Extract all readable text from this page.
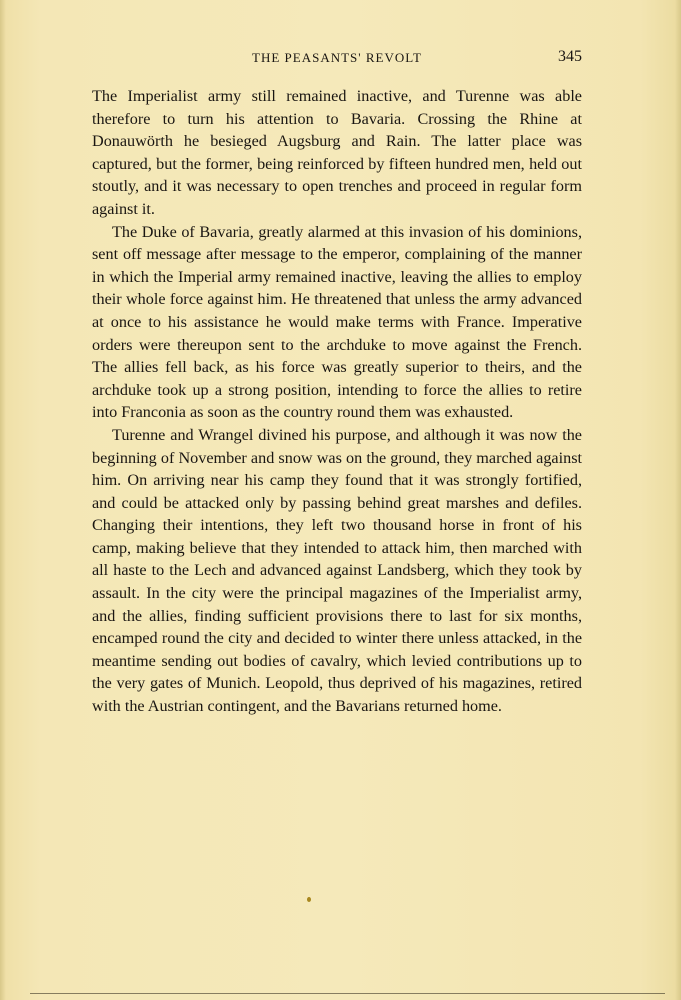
THE PEASANTS' REVOLT	345

The Imperialist army still remained inactive, and Turenne was able therefore to turn his attention to Bavaria. Crossing the Rhine at Donauwörth he besieged Augsburg and Rain. The latter place was captured, but the former, being reinforced by fifteen hundred men, held out stoutly, and it was necessary to open trenches and proceed in regular form against it.

The Duke of Bavaria, greatly alarmed at this invasion of his dominions, sent off message after message to the emperor, complaining of the manner in which the Imperial army remained inactive, leaving the allies to employ their whole force against him. He threatened that unless the army advanced at once to his assistance he would make terms with France. Imperative orders were thereupon sent to the archduke to move against the French. The allies fell back, as his force was greatly superior to theirs, and the archduke took up a strong position, intending to force the allies to retire into Franconia as soon as the country round them was exhausted.

Turenne and Wrangel divined his purpose, and although it was now the beginning of November and snow was on the ground, they marched against him. On arriving near his camp they found that it was strongly fortified, and could be attacked only by passing behind great marshes and defiles. Changing their intentions, they left two thousand horse in front of his camp, making believe that they intended to attack him, then marched with all haste to the Lech and advanced against Landsberg, which they took by assault. In the city were the principal magazines of the Imperialist army, and the allies, finding sufficient provisions there to last for six months, encamped round the city and decided to winter there unless attacked, in the meantime sending out bodies of cavalry, which levied contributions up to the very gates of Munich. Leopold, thus deprived of his magazines, retired with the Austrian contingent, and the Bavarians returned home.
